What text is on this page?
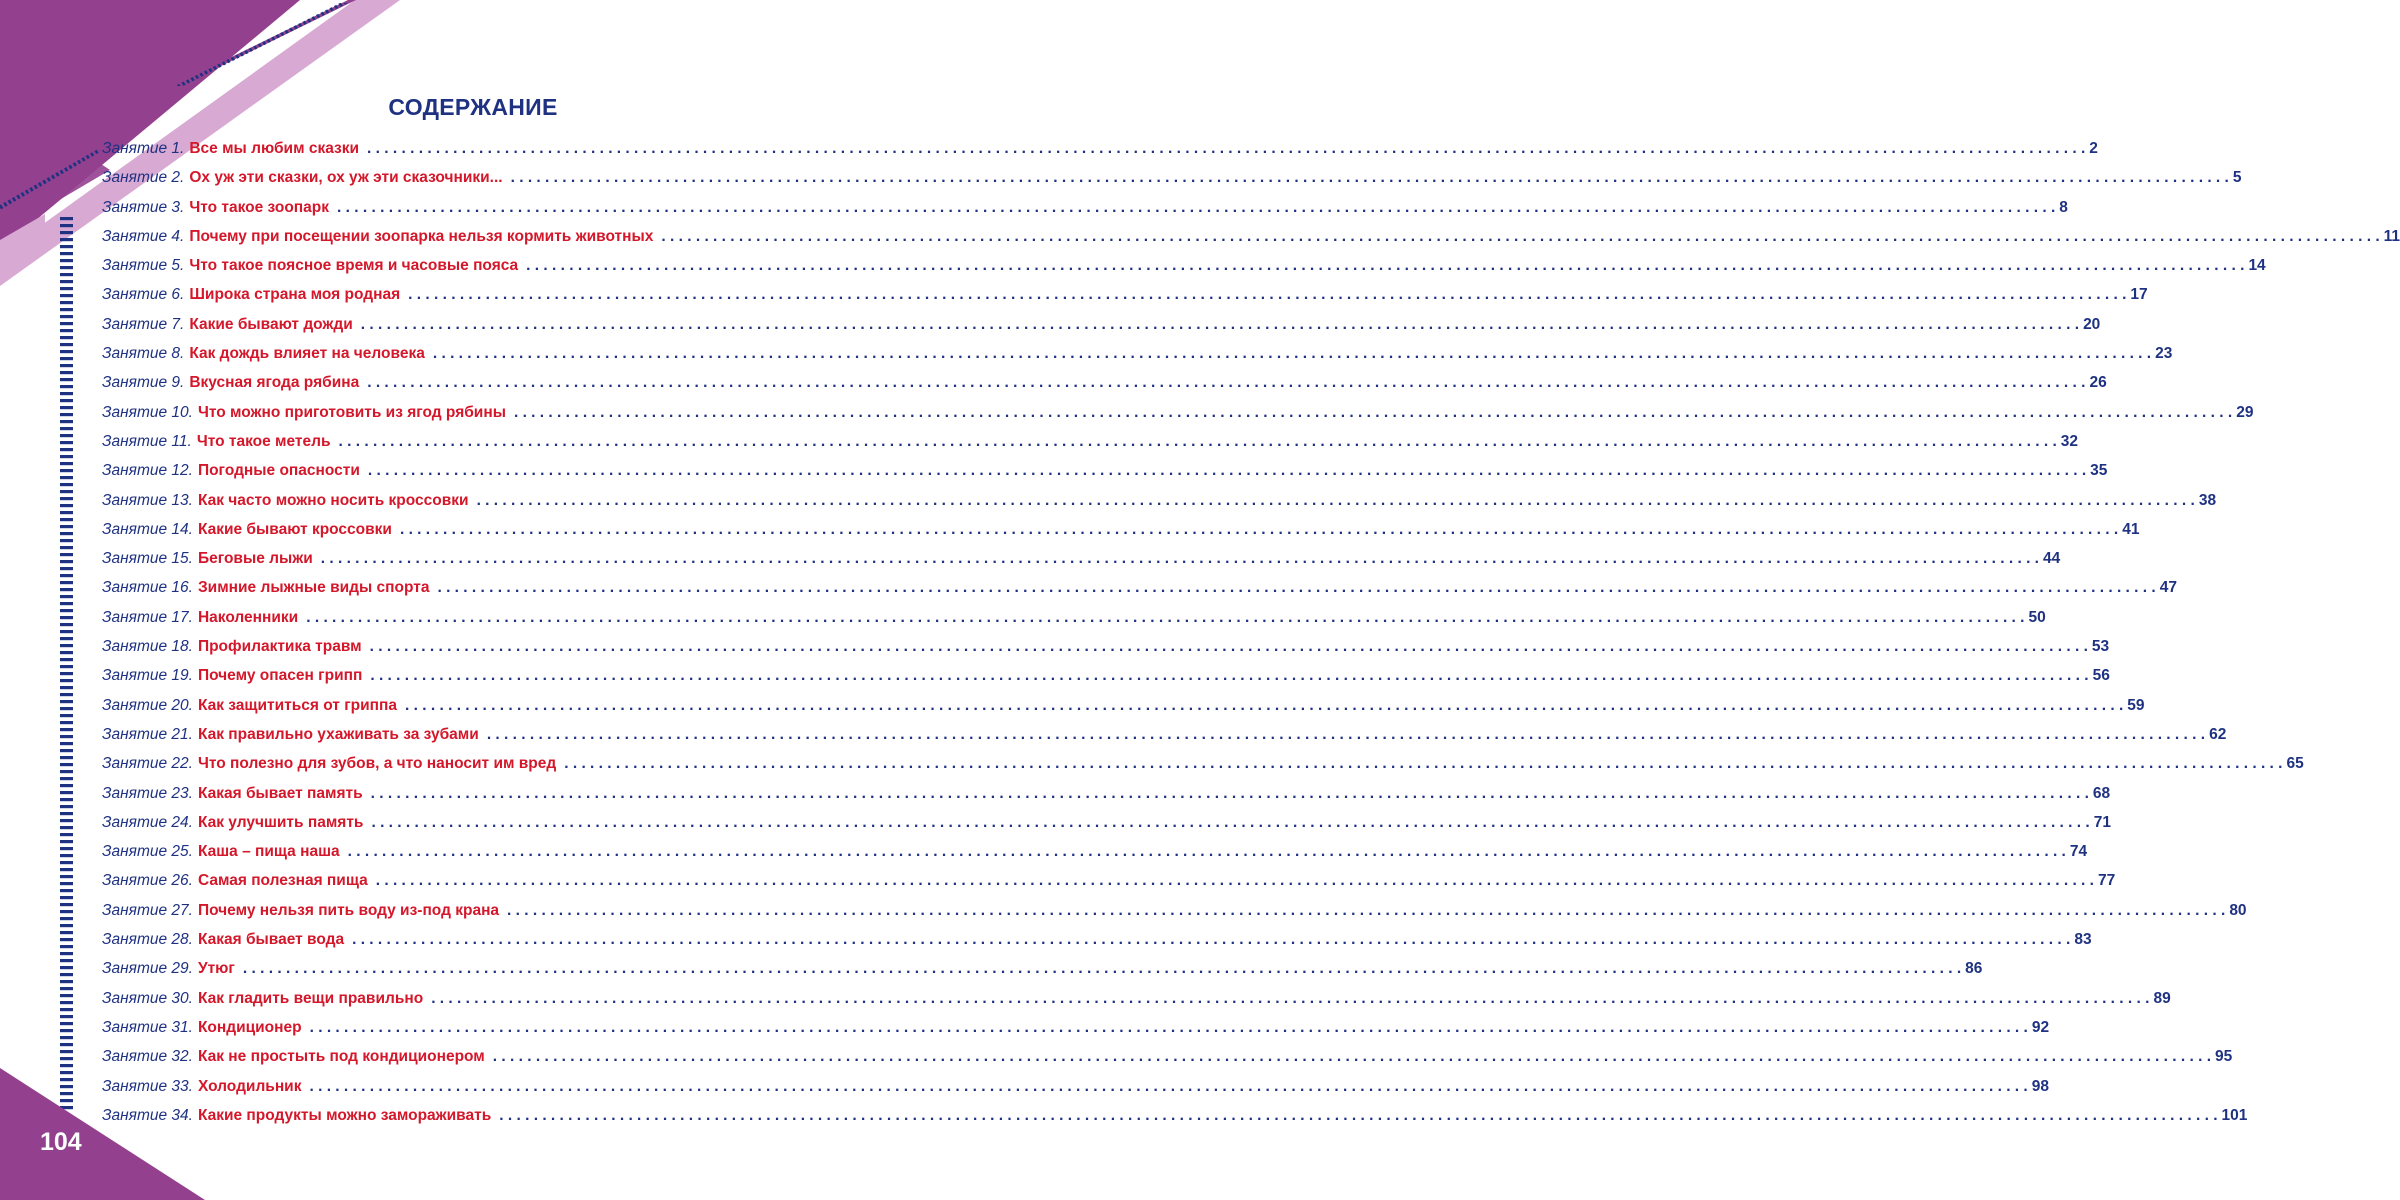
СОДЕРЖАНИЕ
Занятие 1. Все мы любим сказки . . . . . . . . . . . . . . . . . . . . . . . . . . . . . . . . . . . . . . . . . . . . . . . . . . . . . . . . . . . . . . . . . . . . . . . . . . . . . . . . . . . . . . . . . . . . . . . . . . . . . . . . . . . . . . . . . . . . . . . . . . . . . . . . . . . . . . . . . . . . . . . . . . . . . . . . . . . . . . . . . . . . . . . . . . . . . . . . . . . . . . . . . . . . . . . . . . . . . . . . 2
Занятие 2. Ох уж эти сказки, ох уж эти сказочники... . . . . . . . . . . . . . . . . . . . . . . . . . . . . . . . . . . . . . . . . . . . . . . . . . . . . . . . . . . . . . . . . . . . . . . . . . . . . . . . . . . . . . . . . . . . . . . . . . . . . . . . . . . . . . . . . . . . . . . . . . . . . . . . . . . . . . . . . . . . . . . . . . . . . . . . . . . . . . . . . . . . . . . . . . . . . . . . . . . . . . . . . . . . . . . . . . . . . . . . . 5
Занятие 3. Что такое зоопарк . . . . . . . . . . . . . . . . . . . . . . . . . . . . . . . . . . . . . . . . . . . . . . . . . . . . . . . . . . . . . . . . . . . . . . . . . . . . . . . . . . . . . . . . . . . . . . . . . . . . . . . . . . . . . . . . . . . . . . . . . . . . . . . . . . . . . . . . . . . . . . . . . . . . . . . . . . . . . . . . . . . . . . . . . . . . . . . . . . . . . . . . . . . . . . . . . . . . . . . . 8
Занятие 4. Почему при посещении зоопарка нельзя кормить животных . . . . . . . . . . . . . . . . . . . . . . . . . . . . . . . . . . . . . . . . . . . . . . . . . . . . . . . . . . . . . . . . . . . . . . . . . . . . . . . . . . . . . . . . . . . . . . . . . . . . . . . . . . . . . . . . . . . . . . . . . . . . . . . . . . . . . . . . . . . . . . . . . . . . . . . . . . . . . . . . . . . . . . . . . . . . . . . . . . . . . . . . . . . . . . . . . . . . . . . . 11
Занятие 5. Что такое поясное время и часовые пояса . . . . . . . . . . . . . . . . . . . . . . . . . . . . . . . . . . . . . . . . . . . . . . . . . . . . . . . . . . . . . . . . . . . . . . . . . . . . . . . . . . . . . . . . . . . . . . . . . . . . . . . . . . . . . . . . . . . . . . . . . . . . . . . . . . . . . . . . . . . . . . . . . . . . . . . . . . . . . . . . . . . . . . . . . . . . . . . . . . . . . . . . . . . . . . . . . . . . . . . . 14
Занятие 6. Широка страна моя родная . . . . . . . . . . . . . . . . . . . . . . . . . . . . . . . . . . . . . . . . . . . . . . . . . . . . . . . . . . . . . . . . . . . . . . . . . . . . . . . . . . . . . . . . . . . . . . . . . . . . . . . . . . . . . . . . . . . . . . . . . . . . . . . . . . . . . . . . . . . . . . . . . . . . . . . . . . . . . . . . . . . . . . . . . . . . . . . . . . . . . . . . . . . . . . . . . . . . . . . . 17
Занятие 7. Какие бывают дожди . . . . . . . . . . . . . . . . . . . . . . . . . . . . . . . . . . . . . . . . . . . . . . . . . . . . . . . . . . . . . . . . . . . . . . . . . . . . . . . . . . . . . . . . . . . . . . . . . . . . . . . . . . . . . . . . . . . . . . . . . . . . . . . . . . . . . . . . . . . . . . . . . . . . . . . . . . . . . . . . . . . . . . . . . . . . . . . . . . . . . . . . . . . . . . . . . . . . . . . . 20
Занятие 8. Как дождь влияет на человека . . . . . . . . . . . . . . . . . . . . . . . . . . . . . . . . . . . . . . . . . . . . . . . . . . . . . . . . . . . . . . . . . . . . . . . . . . . . . . . . . . . . . . . . . . . . . . . . . . . . . . . . . . . . . . . . . . . . . . . . . . . . . . . . . . . . . . . . . . . . . . . . . . . . . . . . . . . . . . . . . . . . . . . . . . . . . . . . . . . . . . . . . . . . . . . . . . . . . . . . 23
Занятие 9. Вкусная ягода рябина . . . . . . . . . . . . . . . . . . . . . . . . . . . . . . . . . . . . . . . . . . . . . . . . . . . . . . . . . . . . . . . . . . . . . . . . . . . . . . . . . . . . . . . . . . . . . . . . . . . . . . . . . . . . . . . . . . . . . . . . . . . . . . . . . . . . . . . . . . . . . . . . . . . . . . . . . . . . . . . . . . . . . . . . . . . . . . . . . . . . . . . . . . . . . . . . . . . . . . . . 26
Занятие 10. Что можно приготовить из ягод рябины . . . . . . . . . . . . . . . . . . . . . . . . . . . . . . . . . . . . . . . . . . . . . . . . . . . . . . . . . . . . . . . . . . . . . . . . . . . . . . . . . . . . . . . . . . . . . . . . . . . . . . . . . . . . . . . . . . . . . . . . . . . . . . . . . . . . . . . . . . . . . . . . . . . . . . . . . . . . . . . . . . . . . . . . . . . . . . . . . . . . . . . . . . . . . . . . . . . . . . . . 29
Занятие 11. Что такое метель . . . . . . . . . . . . . . . . . . . . . . . . . . . . . . . . . . . . . . . . . . . . . . . . . . . . . . . . . . . . . . . . . . . . . . . . . . . . . . . . . . . . . . . . . . . . . . . . . . . . . . . . . . . . . . . . . . . . . . . . . . . . . . . . . . . . . . . . . . . . . . . . . . . . . . . . . . . . . . . . . . . . . . . . . . . . . . . . . . . . . . . . . . . . . . . . . . . . . . . . 32
Занятие 12. Погодные опасности . . . . . . . . . . . . . . . . . . . . . . . . . . . . . . . . . . . . . . . . . . . . . . . . . . . . . . . . . . . . . . . . . . . . . . . . . . . . . . . . . . . . . . . . . . . . . . . . . . . . . . . . . . . . . . . . . . . . . . . . . . . . . . . . . . . . . . . . . . . . . . . . . . . . . . . . . . . . . . . . . . . . . . . . . . . . . . . . . . . . . . . . . . . . . . . . . . . . . . . . 35
Занятие 13. Как часто можно носить кроссовки . . . . . . . . . . . . . . . . . . . . . . . . . . . . . . . . . . . . . . . . . . . . . . . . . . . . . . . . . . . . . . . . . . . . . . . . . . . . . . . . . . . . . . . . . . . . . . . . . . . . . . . . . . . . . . . . . . . . . . . . . . . . . . . . . . . . . . . . . . . . . . . . . . . . . . . . . . . . . . . . . . . . . . . . . . . . . . . . . . . . . . . . . . . . . . . . . . . . . . . . 38
Занятие 14. Какие бывают кроссовки . . . . . . . . . . . . . . . . . . . . . . . . . . . . . . . . . . . . . . . . . . . . . . . . . . . . . . . . . . . . . . . . . . . . . . . . . . . . . . . . . . . . . . . . . . . . . . . . . . . . . . . . . . . . . . . . . . . . . . . . . . . . . . . . . . . . . . . . . . . . . . . . . . . . . . . . . . . . . . . . . . . . . . . . . . . . . . . . . . . . . . . . . . . . . . . . . . . . . . . . 41
Занятие 15. Беговые лыжи . . . . . . . . . . . . . . . . . . . . . . . . . . . . . . . . . . . . . . . . . . . . . . . . . . . . . . . . . . . . . . . . . . . . . . . . . . . . . . . . . . . . . . . . . . . . . . . . . . . . . . . . . . . . . . . . . . . . . . . . . . . . . . . . . . . . . . . . . . . . . . . . . . . . . . . . . . . . . . . . . . . . . . . . . . . . . . . . . . . . . . . . . . . . . . . . . . . . . . . . 44
Занятие 16. Зимние лыжные виды спорта . . . . . . . . . . . . . . . . . . . . . . . . . . . . . . . . . . . . . . . . . . . . . . . . . . . . . . . . . . . . . . . . . . . . . . . . . . . . . . . . . . . . . . . . . . . . . . . . . . . . . . . . . . . . . . . . . . . . . . . . . . . . . . . . . . . . . . . . . . . . . . . . . . . . . . . . . . . . . . . . . . . . . . . . . . . . . . . . . . . . . . . . . . . . . . . . . . . . . . . . 47
Занятие 17. Наколенники . . . . . . . . . . . . . . . . . . . . . . . . . . . . . . . . . . . . . . . . . . . . . . . . . . . . . . . . . . . . . . . . . . . . . . . . . . . . . . . . . . . . . . . . . . . . . . . . . . . . . . . . . . . . . . . . . . . . . . . . . . . . . . . . . . . . . . . . . . . . . . . . . . . . . . . . . . . . . . . . . . . . . . . . . . . . . . . . . . . . . . . . . . . . . . . . . . . . . . . . 50
Занятие 18. Профилактика травм . . . . . . . . . . . . . . . . . . . . . . . . . . . . . . . . . . . . . . . . . . . . . . . . . . . . . . . . . . . . . . . . . . . . . . . . . . . . . . . . . . . . . . . . . . . . . . . . . . . . . . . . . . . . . . . . . . . . . . . . . . . . . . . . . . . . . . . . . . . . . . . . . . . . . . . . . . . . . . . . . . . . . . . . . . . . . . . . . . . . . . . . . . . . . . . . . . . . . . . . 53
Занятие 19. Почему опасен грипп . . . . . . . . . . . . . . . . . . . . . . . . . . . . . . . . . . . . . . . . . . . . . . . . . . . . . . . . . . . . . . . . . . . . . . . . . . . . . . . . . . . . . . . . . . . . . . . . . . . . . . . . . . . . . . . . . . . . . . . . . . . . . . . . . . . . . . . . . . . . . . . . . . . . . . . . . . . . . . . . . . . . . . . . . . . . . . . . . . . . . . . . . . . . . . . . . . . . . . . . 56
Занятие 20. Как защититься от гриппа . . . . . . . . . . . . . . . . . . . . . . . . . . . . . . . . . . . . . . . . . . . . . . . . . . . . . . . . . . . . . . . . . . . . . . . . . . . . . . . . . . . . . . . . . . . . . . . . . . . . . . . . . . . . . . . . . . . . . . . . . . . . . . . . . . . . . . . . . . . . . . . . . . . . . . . . . . . . . . . . . . . . . . . . . . . . . . . . . . . . . . . . . . . . . . . . . . . . . . . . 59
Занятие 21. Как правильно ухаживать за зубами . . . . . . . . . . . . . . . . . . . . . . . . . . . . . . . . . . . . . . . . . . . . . . . . . . . . . . . . . . . . . . . . . . . . . . . . . . . . . . . . . . . . . . . . . . . . . . . . . . . . . . . . . . . . . . . . . . . . . . . . . . . . . . . . . . . . . . . . . . . . . . . . . . . . . . . . . . . . . . . . . . . . . . . . . . . . . . . . . . . . . . . . . . . . . . . . . . . . . . . . 62
Занятие 22. Что полезно для зубов, а что наносит им вред . . . . . . . . . . . . . . . . . . . . . . . . . . . . . . . . . . . . . . . . . . . . . . . . . . . . . . . . . . . . . . . . . . . . . . . . . . . . . . . . . . . . . . . . . . . . . . . . . . . . . . . . . . . . . . . . . . . . . . . . . . . . . . . . . . . . . . . . . . . . . . . . . . . . . . . . . . . . . . . . . . . . . . . . . . . . . . . . . . . . . . . . . . . . . . . . . . . . . . . . 65
Занятие 23. Какая бывает память . . . . . . . . . . . . . . . . . . . . . . . . . . . . . . . . . . . . . . . . . . . . . . . . . . . . . . . . . . . . . . . . . . . . . . . . . . . . . . . . . . . . . . . . . . . . . . . . . . . . . . . . . . . . . . . . . . . . . . . . . . . . . . . . . . . . . . . . . . . . . . . . . . . . . . . . . . . . . . . . . . . . . . . . . . . . . . . . . . . . . . . . . . . . . . . . . . . . . . . . 68
Занятие 24. Как улучшить память . . . . . . . . . . . . . . . . . . . . . . . . . . . . . . . . . . . . . . . . . . . . . . . . . . . . . . . . . . . . . . . . . . . . . . . . . . . . . . . . . . . . . . . . . . . . . . . . . . . . . . . . . . . . . . . . . . . . . . . . . . . . . . . . . . . . . . . . . . . . . . . . . . . . . . . . . . . . . . . . . . . . . . . . . . . . . . . . . . . . . . . . . . . . . . . . . . . . . . . . 71
Занятие 25. Каша – пища наша . . . . . . . . . . . . . . . . . . . . . . . . . . . . . . . . . . . . . . . . . . . . . . . . . . . . . . . . . . . . . . . . . . . . . . . . . . . . . . . . . . . . . . . . . . . . . . . . . . . . . . . . . . . . . . . . . . . . . . . . . . . . . . . . . . . . . . . . . . . . . . . . . . . . . . . . . . . . . . . . . . . . . . . . . . . . . . . . . . . . . . . . . . . . . . . . . . . . . . . . 74
Занятие 26. Самая полезная пища . . . . . . . . . . . . . . . . . . . . . . . . . . . . . . . . . . . . . . . . . . . . . . . . . . . . . . . . . . . . . . . . . . . . . . . . . . . . . . . . . . . . . . . . . . . . . . . . . . . . . . . . . . . . . . . . . . . . . . . . . . . . . . . . . . . . . . . . . . . . . . . . . . . . . . . . . . . . . . . . . . . . . . . . . . . . . . . . . . . . . . . . . . . . . . . . . . . . . . . . 77
Занятие 27. Почему нельзя пить воду из-под крана . . . . . . . . . . . . . . . . . . . . . . . . . . . . . . . . . . . . . . . . . . . . . . . . . . . . . . . . . . . . . . . . . . . . . . . . . . . . . . . . . . . . . . . . . . . . . . . . . . . . . . . . . . . . . . . . . . . . . . . . . . . . . . . . . . . . . . . . . . . . . . . . . . . . . . . . . . . . . . . . . . . . . . . . . . . . . . . . . . . . . . . . . . . . . . . . . . . . . . . . 80
Занятие 28. Какая бывает вода . . . . . . . . . . . . . . . . . . . . . . . . . . . . . . . . . . . . . . . . . . . . . . . . . . . . . . . . . . . . . . . . . . . . . . . . . . . . . . . . . . . . . . . . . . . . . . . . . . . . . . . . . . . . . . . . . . . . . . . . . . . . . . . . . . . . . . . . . . . . . . . . . . . . . . . . . . . . . . . . . . . . . . . . . . . . . . . . . . . . . . . . . . . . . . . . . . . . . . . . 83
Занятие 29. Утюг . . . . . . . . . . . . . . . . . . . . . . . . . . . . . . . . . . . . . . . . . . . . . . . . . . . . . . . . . . . . . . . . . . . . . . . . . . . . . . . . . . . . . . . . . . . . . . . . . . . . . . . . . . . . . . . . . . . . . . . . . . . . . . . . . . . . . . . . . . . . . . . . . . . . . . . . . . . . . . . . . . . . . . . . . . . . . . . . . . . . . . . . . . . . . . . . . . . . . . . . 86
Занятие 30. Как гладить вещи правильно . . . . . . . . . . . . . . . . . . . . . . . . . . . . . . . . . . . . . . . . . . . . . . . . . . . . . . . . . . . . . . . . . . . . . . . . . . . . . . . . . . . . . . . . . . . . . . . . . . . . . . . . . . . . . . . . . . . . . . . . . . . . . . . . . . . . . . . . . . . . . . . . . . . . . . . . . . . . . . . . . . . . . . . . . . . . . . . . . . . . . . . . . . . . . . . . . . . . . . . . 89
Занятие 31. Кондиционер . . . . . . . . . . . . . . . . . . . . . . . . . . . . . . . . . . . . . . . . . . . . . . . . . . . . . . . . . . . . . . . . . . . . . . . . . . . . . . . . . . . . . . . . . . . . . . . . . . . . . . . . . . . . . . . . . . . . . . . . . . . . . . . . . . . . . . . . . . . . . . . . . . . . . . . . . . . . . . . . . . . . . . . . . . . . . . . . . . . . . . . . . . . . . . . . . . . . . . . . 92
Занятие 32. Как не простыть под кондиционером . . . . . . . . . . . . . . . . . . . . . . . . . . . . . . . . . . . . . . . . . . . . . . . . . . . . . . . . . . . . . . . . . . . . . . . . . . . . . . . . . . . . . . . . . . . . . . . . . . . . . . . . . . . . . . . . . . . . . . . . . . . . . . . . . . . . . . . . . . . . . . . . . . . . . . . . . . . . . . . . . . . . . . . . . . . . . . . . . . . . . . . . . . . . . . . . . . . . . . . . 95
Занятие 33. Холодильник . . . . . . . . . . . . . . . . . . . . . . . . . . . . . . . . . . . . . . . . . . . . . . . . . . . . . . . . . . . . . . . . . . . . . . . . . . . . . . . . . . . . . . . . . . . . . . . . . . . . . . . . . . . . . . . . . . . . . . . . . . . . . . . . . . . . . . . . . . . . . . . . . . . . . . . . . . . . . . . . . . . . . . . . . . . . . . . . . . . . . . . . . . . . . . . . . . . . . . . . 98
Занятие 34. Какие продукты можно замораживать . . . . . . . . . . . . . . . . . . . . . . . . . . . . . . . . . . . . . . . . . . . . . . . . . . . . . . . . . . . . . . . . . . . . . . . . . . . . . . . . . . . . . . . . . . . . . . . . . . . . . . . . . . . . . . . . . . . . . . . . . . . . . . . . . . . . . . . . . . . . . . . . . . . . . . . . . . . . . . . . . . . . . . . . . . . . . . . . . . . . . . . . . . . . . . . . . . . . . . . . 101
104
